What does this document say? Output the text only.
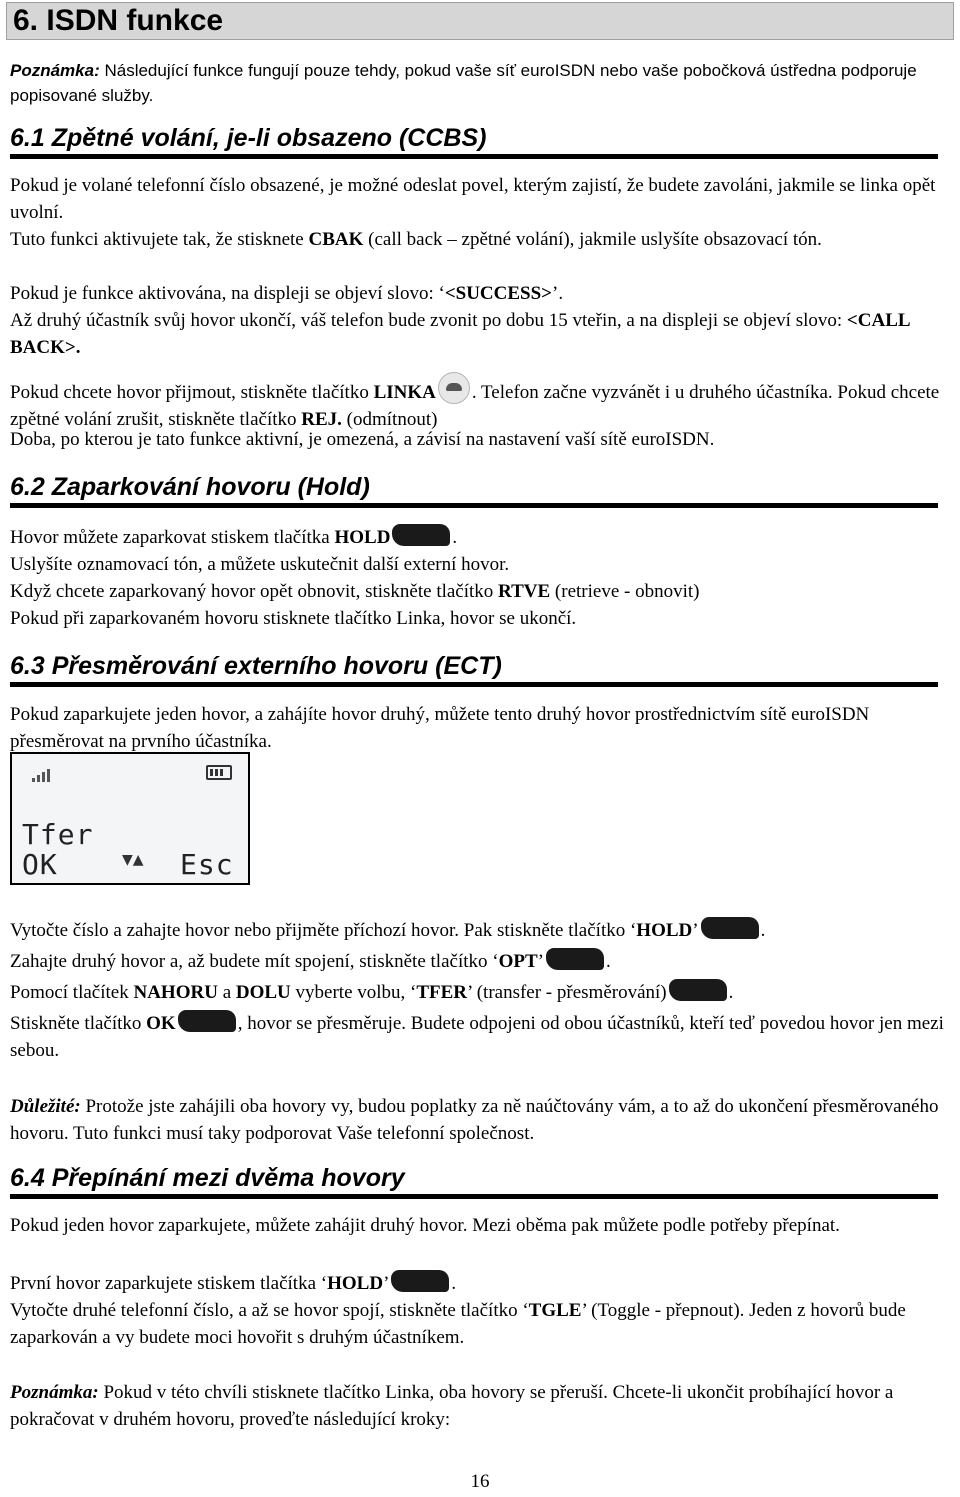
6. ISDN funkce
Poznámka: Následující funkce fungují pouze tehdy, pokud vaše síť euroISDN nebo vaše pobočková ústředna podporuje popisované služby.
6.1 Zpětné volání, je-li obsazeno (CCBS)
Pokud je volané telefonní číslo obsazené, je možné odeslat povel, kterým zajistí, že budete zavoláni, jakmile se linka opět uvolní.
Tuto funkci aktivujete tak, že stisknete CBAK (call back – zpětné volání), jakmile uslyšíte obsazovací tón.
Pokud je funkce aktivována, na displeji se objeví slovo: ‘<SUCCESS>’.
Až druhý účastník svůj hovor ukončí, váš telefon bude zvonit po dobu 15 vteřin, a na displeji se objeví slovo: <CALL BACK>.
Pokud chcete hovor přijmout, stiskněte tlačítko LINKA . Telefon začne vyzvánět i u druhého účastníka. Pokud chcete zpětné volání zrušit, stiskněte tlačítko REJ. (odmítnout)
Doba, po kterou je tato funkce aktivní, je omezená, a závisí na nastavení vaší sítě euroISDN.
6.2 Zaparkování hovoru (Hold)
Hovor můžete zaparkovat stiskem tlačítka HOLD	.
Uslyšíte oznamovací tón, a můžete uskutečnit další externí hovor.
Když chcete zaparkovaný hovor opět obnovit, stiskněte tlačítko RTVE (retrieve - obnovit)
Pokud při zaparkovaném hovoru stisknete tlačítko Linka, hovor se ukončí.
6.3 Přesměrování externího hovoru (ECT)
Pokud zaparkujete jeden hovor, a zahájíte hovor druhý, můžete tento druhý hovor prostřednictvím sítě euroISDN přesměrovat na prvního účastníka.
Tfer
OK	▼▲ Esc
Vytočte číslo a zahajte hovor nebo přijměte příchozí hovor. Pak stiskněte tlačítko ‘HOLD’	.
Zahajte druhý hovor a, až budete mít spojení, stiskněte tlačítko ‘OPT’	.
Pomocí tlačítek NAHORU a DOLU vyberte volbu, ‘TFER’ (transfer - přesměrování)	.
Stiskněte tlačítko OK	, hovor se přesměruje. Budete odpojeni od obou účastníků, kteří teď povedou hovor jen mezi sebou.
Důležité: Protože jste zahájili oba hovory vy, budou poplatky za ně naúčtovány vám, a to až do ukončení přesměrovaného hovoru. Tuto funkci musí taky podporovat Vaše telefonní společnost.
6.4 Přepínání mezi dvěma hovory
Pokud jeden hovor zaparkujete, můžete zahájit druhý hovor. Mezi oběma pak můžete podle potřeby přepínat.
První hovor zaparkujete stiskem tlačítka ‘HOLD’	.
Vytočte druhé telefonní číslo, a až se hovor spojí, stiskněte tlačítko ‘TGLE’ (Toggle - přepnout). Jeden z hovorů bude zaparkován a vy budete moci hovořit s druhým účastníkem.
Poznámka: Pokud v této chvíli stisknete tlačítko Linka, oba hovory se přeruší. Chcete-li ukončit probíhající hovor a pokračovat v druhém hovoru, proveďte následující kroky:
16
